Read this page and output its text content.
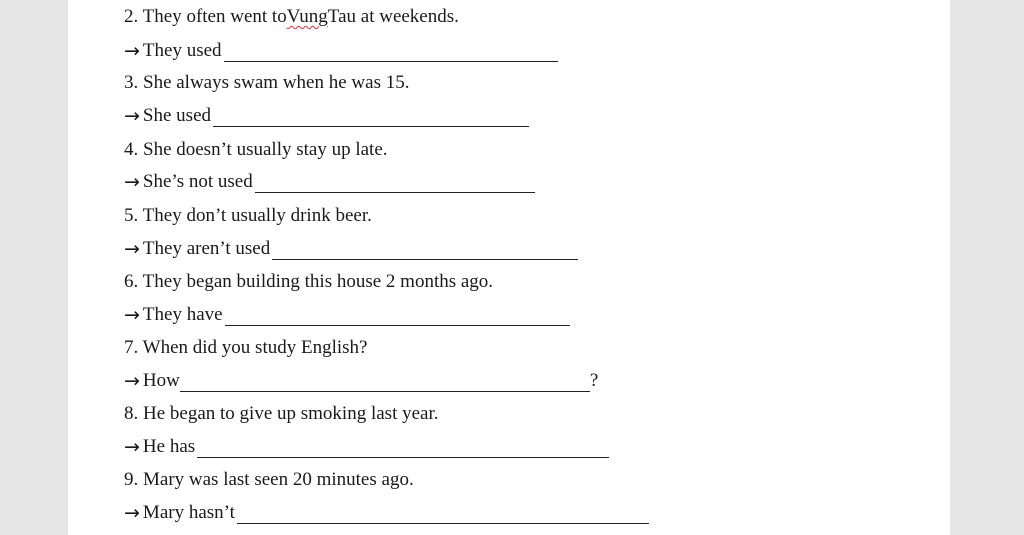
2. They often went to Vung Tau at weekends.
→ They used
3. She always swam when he was 15.
→ She used
4. She doesn’t usually stay up late.
→ She’s not used
5. They don’t usually drink beer.
→ They aren’t used
6. They began building this house 2 months ago.
→ They have
7. When did you study English?
→ How	?
8. He began to give up smoking last year.
→ He has
9. Mary was last seen 20 minutes ago.
→ Mary hasn’t
